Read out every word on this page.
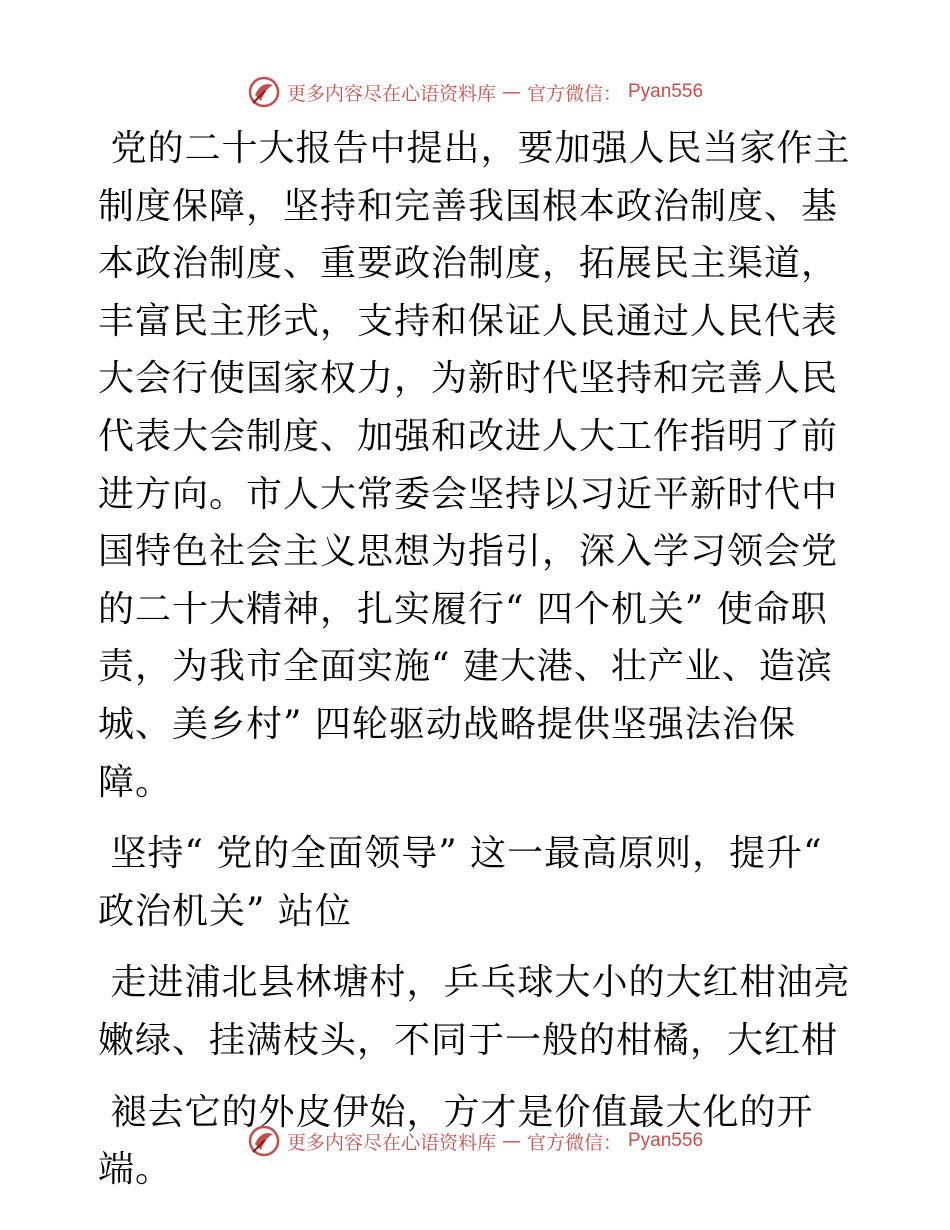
更多内容尽在心语资料库 — 官方微信： Pyan556

党的二十大报告中提出，要加强人民当家作主制度保障，坚持和完善我国根本政治制度、基本政治制度、重要政治制度，拓展民主渠道，丰富民主形式，支持和保证人民通过人民代表大会行使国家权力，为新时代坚持和完善人民代表大会制度、加强和改进人大工作指明了前进方向。市人大常委会坚持以习近平新时代中国特色社会主义思想为指引，深入学习领会党的二十大精神，扎实履行“ 四个机关” 使命职责，为我市全面实施“ 建大港、壮产业、造滨城、美乡村” 四轮驱动战略提供坚强法治保障。

坚持“ 党的全面领导” 这一最高原则，提升“ 政治机关” 站位

走进浦北县林塘村，乒乓球大小的大红柑油亮嫩绿、挂满枝头，不同于一般的柑橘，大红柑

褪去它的外皮伊始，方才是价值最大化的开端。

更多内容尽在心语资料库 — 官方微信： Pyan556
